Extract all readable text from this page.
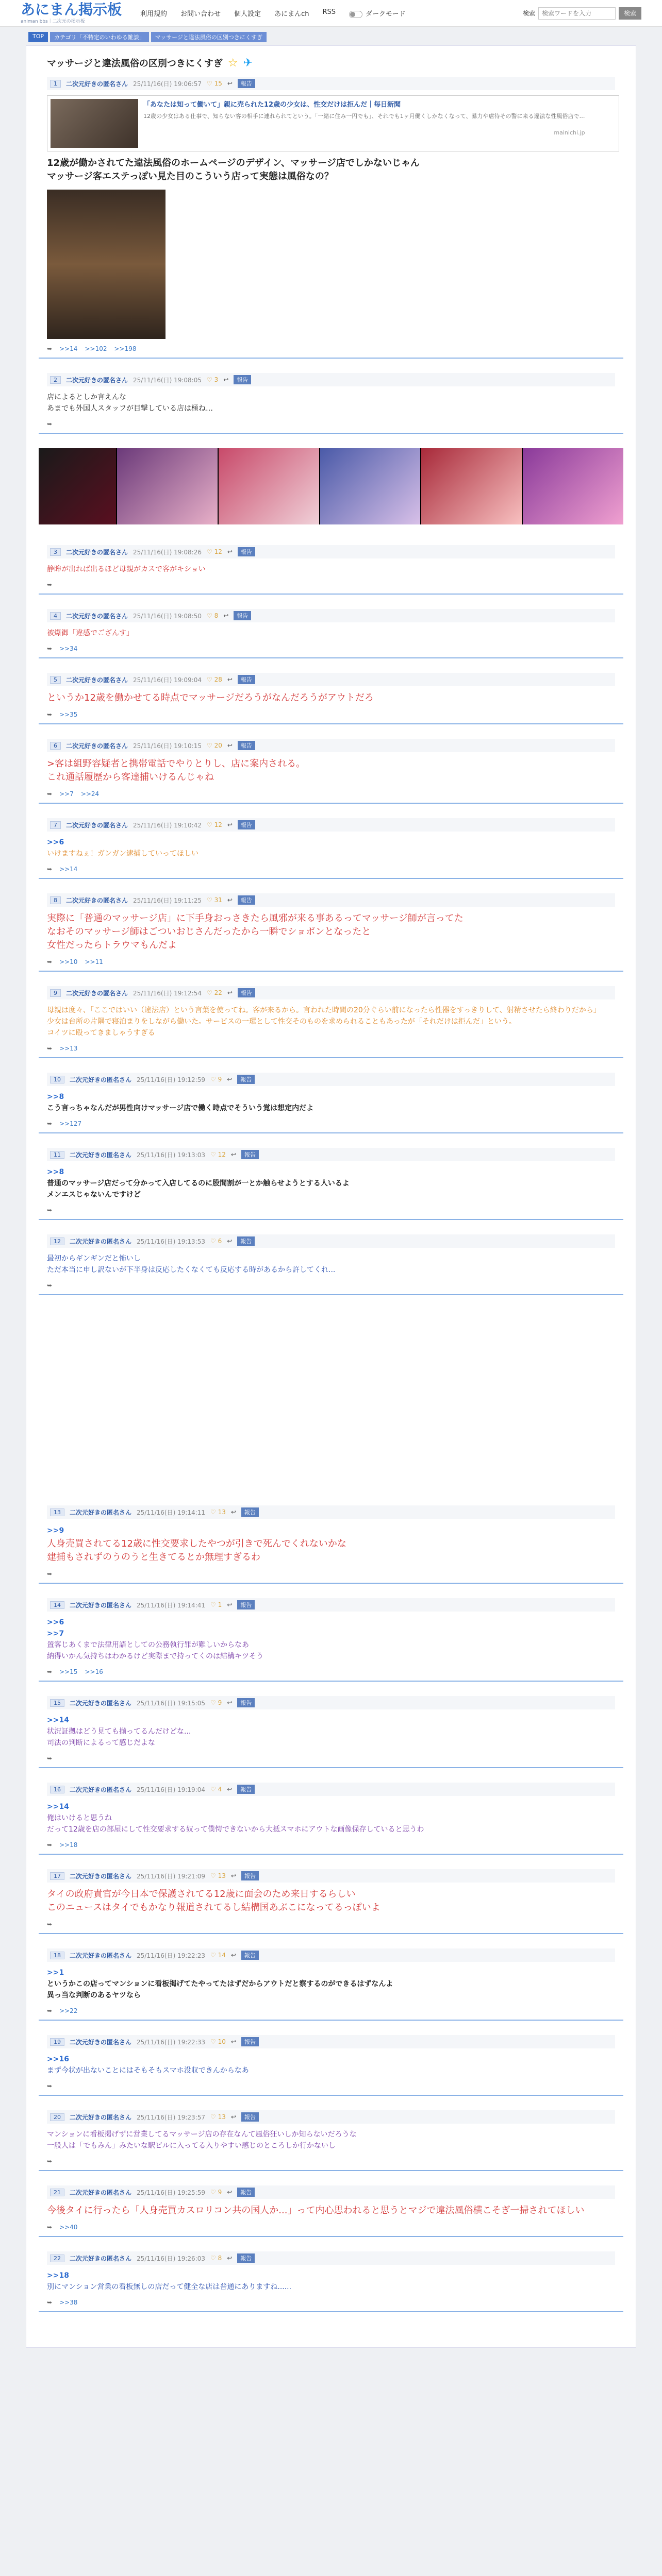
あにまん掲示板
animan bbs｜二次元の掲示板
利用規約 お問い合わせ 個人設定 あにまんch RSS	ダークモード	検索
検索ワードを入力	検索
TOP	カテゴリ「不特定のいわゆる雑談」	マッサージと違法風俗の区別つきにくすぎ
マッサージと違法風俗の区別つきにくすぎ ☆ ✈
1	二次元好きの匿名さん 25/11/16(日) 19:06:57 ♡ 15 ↩	報告
「あなたは知って働いて」親に売られた12歳の少女は、性交だけは拒んだ｜毎日新聞
12歳の少女はある仕事で、知らない客の相手に連れられてという。「一緒に住み一円でも」、それでも1ヶ月働くしかなくなって、暴力や虐待その警に来る違法な性風俗店で…
mainichi.jp
12歳が働かされてた違法風俗のホームページのデザイン、マッサージ店でしかないじゃん
マッサージ客エステっぽい見た目のこういう店って実態は風俗なの？
➥ >>14 >>102 >>198
2	二次元好きの匿名さん 25/11/16(日) 19:08:05 ♡ 3 ↩	報告
店によるとしか言えんな
あまでも外国人スタッフが目撃している店は極ね…
➥
3	二次元好きの匿名さん 25/11/16(日) 19:08:26 ♡ 12 ↩	報告
静眸が出れば出るほど母親がカスで客がキショい
➥
4	二次元好きの匿名さん 25/11/16(日) 19:08:50 ♡ 8 ↩	報告
被爆御「違感でござんす」
➥ >>34
5	二次元好きの匿名さん 25/11/16(日) 19:09:04 ♡ 28 ↩	報告
というか12歳を働かせてる時点でマッサージだろうがなんだろうがアウトだろ
➥ >>35
6	二次元好きの匿名さん 25/11/16(日) 19:10:15 ♡ 20 ↩	報告
>客は組野容疑者と携帯電話でやりとりし、店に案内される。
これ通話履歴から客達捕いけるんじゃね
➥ >>7 >>24
7	二次元好きの匿名さん 25/11/16(日) 19:10:42 ♡ 12 ↩	報告
>>6
いけますねぇ！ガンガン逮捕していってほしい
➥ >>14
8	二次元好きの匿名さん 25/11/16(日) 19:11:25 ♡ 31 ↩	報告
実際に「普通のマッサージ店」に下手身おっさきたら風邪が来る事あるってマッサージ師が言ってた
なおそのマッサージ師はごついおじさんだったから一瞬でショボンとなったと
女性だったらトラウマもんだよ
➥ >>10 >>11
9	二次元好きの匿名さん 25/11/16(日) 19:12:54 ♡ 22 ↩	報告
母親は度々、「ここではいい（違法店）という言葉を使ってね。客が来るから。言われた時間の20分ぐらい前になったら性器をすっきりして、射精させたら終わりだから」
少女は台所の片隅で寝泊まりをしながら働いた。サービスの一環として性交そのものを求められることもあったが「それだけは拒んだ」という。
コイツに殴ってきましゃうすぎる
➥ >>13
10	二次元好きの匿名さん 25/11/16(日) 19:12:59 ♡ 9 ↩	報告
>>8
こう言っちゃなんだが男性向けマッサージ店で働く時点でそういう覚は想定内だよ
➥ >>127
11	二次元好きの匿名さん 25/11/16(日) 19:13:03 ♡ 12 ↩	報告
>>8
普通のマッサージ店だって分かって入店してるのに股間割が一とか触らせようとする人いるよ
メンエスじゃないんですけど
➥
12	二次元好きの匿名さん 25/11/16(日) 19:13:53 ♡ 6 ↩	報告
最初からギンギンだと怖いし
ただ本当に申し訳ないが下半身は反応したくなくても反応する時があるから許してくれ...
➥
13	二次元好きの匿名さん 25/11/16(日) 19:14:11 ♡ 13 ↩	報告
>>9
人身売買されてる12歳に性交要求したやつが引きで死んでくれないかな
建捕もされずのうのうと生きてるとか無理すぎるわ
➥
14	二次元好きの匿名さん 25/11/16(日) 19:14:41 ♡ 1 ↩	報告
>>6
>>7
置客じあくまで法律用語としての公務執行罪が難しいからなあ
納得いかん気持ちはわかるけど実際まで持ってくのは結構キツそう
➥ >>15 >>16
15	二次元好きの匿名さん 25/11/16(日) 19:15:05 ♡ 9 ↩	報告
>>14
状況証拠はどう見ても揃ってるんだけどな...
司法の判断によるって感じだよな
➥
16	二次元好きの匿名さん 25/11/16(日) 19:19:04 ♡ 4 ↩	報告
>>14
俺はいけると思うね
だって12歳を店の部屋にして性交要求する奴って僕愕できないから大抵スマホにアウトな画像保存していると思うわ
➥ >>18
17	二次元好きの匿名さん 25/11/16(日) 19:21:09 ♡ 13 ↩	報告
タイの政府責官が今日本で保護されてる12歳に面会のため来日するらしい
このニュースはタイでもかなり報道されてるし結構国あぶこになってるっぽいよ
➥
18	二次元好きの匿名さん 25/11/16(日) 19:22:23 ♡ 14 ↩	報告
>>1
というかこの店ってマンションに看板掲げてたやってたはずだからアウトだと察するのができるはずなんよ
異っ当な判断のあるヤツなら
➥ >>22
19	二次元好きの匿名さん 25/11/16(日) 19:22:33 ♡ 10 ↩	報告
>>16
まず今状が出ないことにはそもそもスマホ没収できんからなあ
➥
20	二次元好きの匿名さん 25/11/16(日) 19:23:57 ♡ 13 ↩	報告
マンションに看板掲げずに営業してるマッサージ店の存在なんて風俗狂いしか知らないだろうな
一般人は「でもみん」みたいな駅ビルに入ってる入りやすい感じのところしか行かないし
➥
21	二次元好きの匿名さん 25/11/16(日) 19:25:59 ♡ 9 ↩	報告
今後タイに行ったら「人身売買カスロリコン共の国人か...」って内心思われると思うとマジで違法風俗横こそぎ一掃されてほしい
➥ >>40
22	二次元好きの匿名さん 25/11/16(日) 19:26:03 ♡ 8 ↩	報告
>>18
別にマンション営業の看板無しの店だって健全な店は普通にありますね......
➥ >>38
